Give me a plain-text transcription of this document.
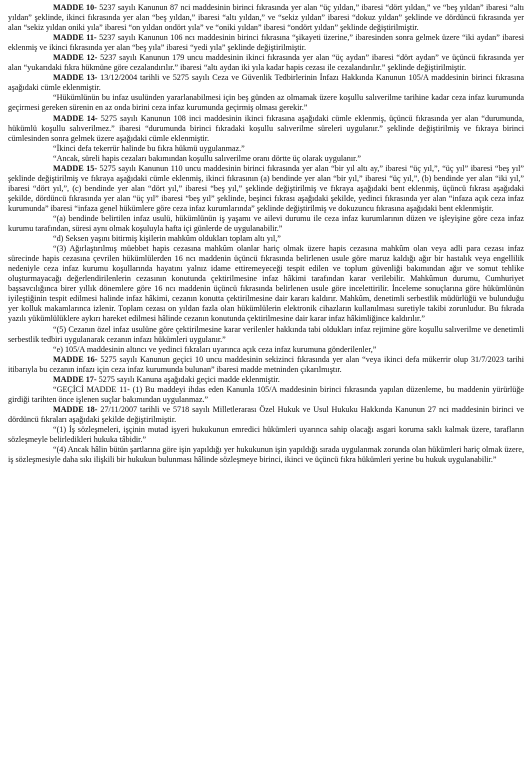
MADDE 10- 5237 sayılı Kanunun 87 nci maddesinin birinci fıkrasında yer alan “üç yıldan,” ibaresi “dört yıldan,” ve “beş yıldan” ibaresi “altı yıldan” şeklinde, ikinci fıkrasında yer alan “beş yıldan,” ibaresi “altı yıldan,” ve “sekiz yıldan” ibaresi “dokuz yıldan” şeklinde ve dördüncü fıkrasında yer alan “sekiz yıldan oniki yıla” ibaresi “on yıldan ondört yıla” ve “oniki yıldan” ibaresi “ondört yıldan” şeklinde değiştirilmiştir.

MADDE 11- 5237 sayılı Kanunun 106 ncı maddesinin birinci fıkrasına “şikayeti üzerine,” ibaresinden sonra gelmek üzere “iki aydan” ibaresi eklenmiş ve ikinci fıkrasında yer alan “beş yıla” ibaresi “yedi yıla” şeklinde değiştirilmiştir.

MADDE 12- 5237 sayılı Kanunun 179 uncu maddesinin ikinci fıkrasında yer alan “üç aydan” ibaresi “dört aydan” ve üçüncü fıkrasında yer alan “yukarıdaki fıkra hükmüne göre cezalandırılır.” ibaresi “altı aydan iki yıla kadar hapis cezası ile cezalandırılır.” şeklinde değiştirilmiştir.

MADDE 13- 13/12/2004 tarihli ve 5275 sayılı Ceza ve Güvenlik Tedbirlerinin İnfazı Hakkında Kanunun 105/A maddesinin birinci fıkrasına aşağıdaki cümle eklenmiştir.

“Hükümlünün bu infaz usulünden yararlanabilmesi için beş günden az olmamak üzere koşullu salıverilme tarihine kadar ceza infaz kurumunda geçirmesi gereken sürenin en az onda birini ceza infaz kurumunda geçirmiş olması gerekir.”

MADDE 14- 5275 sayılı Kanunun 108 inci maddesinin ikinci fıkrasına aşağıdaki cümle eklenmiş, üçüncü fıkrasında yer alan “durumunda, hükümlü koşullu salıverilmez.” ibaresi “durumunda birinci fıkradaki koşullu salıverilme süreleri uygulanır.” şeklinde değiştirilmiş ve fıkraya birinci cümlesinden sonra gelmek üzere aşağıdaki cümle eklenmiştir.

“İkinci defa tekerrür halinde bu fıkra hükmü uygulanmaz.”

“Ancak, süreli hapis cezaları bakımından koşullu salıverilme oranı dörtte üç olarak uygulanır.”

MADDE 15- 5275 sayılı Kanunun 110 uncu maddesinin birinci fıkrasında yer alan “bir yıl altı ay,” ibaresi “üç yıl,”, “üç yıl” ibaresi “beş yıl” şeklinde değiştirilmiş ve fıkraya aşağıdaki cümle eklenmiş, ikinci fıkrasının (a) bendinde yer alan “bir yıl,” ibaresi “üç yıl,”, (b) bendinde yer alan “iki yıl,” ibaresi “dört yıl,”, (c) bendinde yer alan “dört yıl,” ibaresi “beş yıl,” şeklinde değiştirilmiş ve fıkraya aşağıdaki bent eklenmiş, üçüncü fıkrası aşağıdaki şekilde, dördüncü fıkrasında yer alan “üç yıl” ibaresi “beş yıl” şeklinde, beşinci fıkrası aşağıdaki şekilde, yedinci fıkrasında yer alan “infaza açık ceza infaz kurumunda” ibaresi “infaza genel hükümlere göre ceza infaz kurumlarında” şeklinde değiştirilmiş ve dokuzuncu fıkrasına aşağıdaki bent eklenmiştir.

“(a) bendinde belirtilen infaz usulü, hükümlünün iş yaşamı ve ailevi durumu ile ceza infaz kurumlarının düzen ve işleyişine göre ceza infaz kurumu tarafından, süresi aynı olmak koşuluyla hafta içi günlerde de uygulanabilir.”

“d) Seksen yaşını bitirmiş kişilerin mahkûm oldukları toplam altı yıl,”

“(3) Ağırlaştırılmış müebbet hapis cezasına mahkûm olanlar hariç olmak üzere hapis cezasına mahkûm olan veya adli para cezası infaz sürecinde hapis cezasına çevrilen hükümlülerden 16 ncı maddenin üçüncü fıkrasında belirlenen usule göre maruz kaldığı ağır bir hastalık veya engellilik nedeniyle ceza infaz kurumu koşullarında hayatını yalnız idame ettiremeyeceği tespit edilen ve toplum güvenliği bakımından ağır ve somut tehlike oluşturmayacağı değerlendirilenlerin cezasının konutunda çektirilmesine infaz hâkimi tarafından karar verilebilir. Mahkûmun durumu, Cumhuriyet başsavcılığınca birer yıllık dönemlere göre 16 ncı maddenin üçüncü fıkrasında belirlenen usule göre incelettirilir. İnceleme sonuçlarına göre hükümlünün iyileştiğinin tespit edilmesi halinde infaz hâkimi, cezanın konutta çektirilmesine dair kararı kaldırır. Mahkûm, denetimli serbestlik müdürlüğü ve bulunduğu yer kolluk makamlarınca izlenir. Toplam cezası on yıldan fazla olan hükümlülerin elektronik cihazların kullanılması suretiyle takibi zorunludur. Bu fıkrada yazılı yükümlülüklere aykırı hareket edilmesi hâlinde cezanın konutunda çektirilmesine dair karar infaz hâkimliğince kaldırılır.”

“(5) Cezanın özel infaz usulüne göre çektirilmesine karar verilenler hakkında tabi oldukları infaz rejimine göre koşullu salıverilme ve denetimli serbestlik tedbiri uygulanarak cezanın infazı hükümleri uygulanır.”

“e) 105/A maddesinin altıncı ve yedinci fıkraları uyarınca açık ceza infaz kurumuna gönderilenler,”

MADDE 16- 5275 sayılı Kanunun geçici 10 uncu maddesinin sekizinci fıkrasında yer alan “veya ikinci defa mükerrir olup 31/7/2023 tarihi itibarıyla bu cezanın infazı için ceza infaz kurumunda bulunan” ibaresi madde metninden çıkarılmıştır.

MADDE 17- 5275 sayılı Kanuna aşağıdaki geçici madde eklenmiştir.

“GEÇİCİ MADDE 11- (1) Bu maddeyi ihdas eden Kanunla 105/A maddesinin birinci fıkrasında yapılan düzenleme, bu maddenin yürürlüğe girdiği tarihten önce işlenen suçlar bakımından uygulanmaz.”

MADDE 18- 27/11/2007 tarihli ve 5718 sayılı Milletlerarası Özel Hukuk ve Usul Hukuku Hakkında Kanunun 27 nci maddesinin birinci ve dördüncü fıkraları aşağıdaki şekilde değiştirilmiştir.

“(1) İş sözleşmeleri, işçinin mutad işyeri hukukunun emredici hükümleri uyarınca sahip olacağı asgari koruma saklı kalmak üzere, tarafların sözleşmeyle belirledikleri hukuka tâbidir.”

“(4) Ancak hâlin bütün şartlarına göre işin yapıldığı yer hukukunun işin yapıldığı sırada uygulanmak zorunda olan hükümleri hariç olmak üzere, iş sözleşmesiyle daha sıkı ilişkili bir hukukun bulunması hâlinde sözleşmeye birinci, ikinci ve üçüncü fıkra hükümleri yerine bu hukuk uygulanabilir.”
